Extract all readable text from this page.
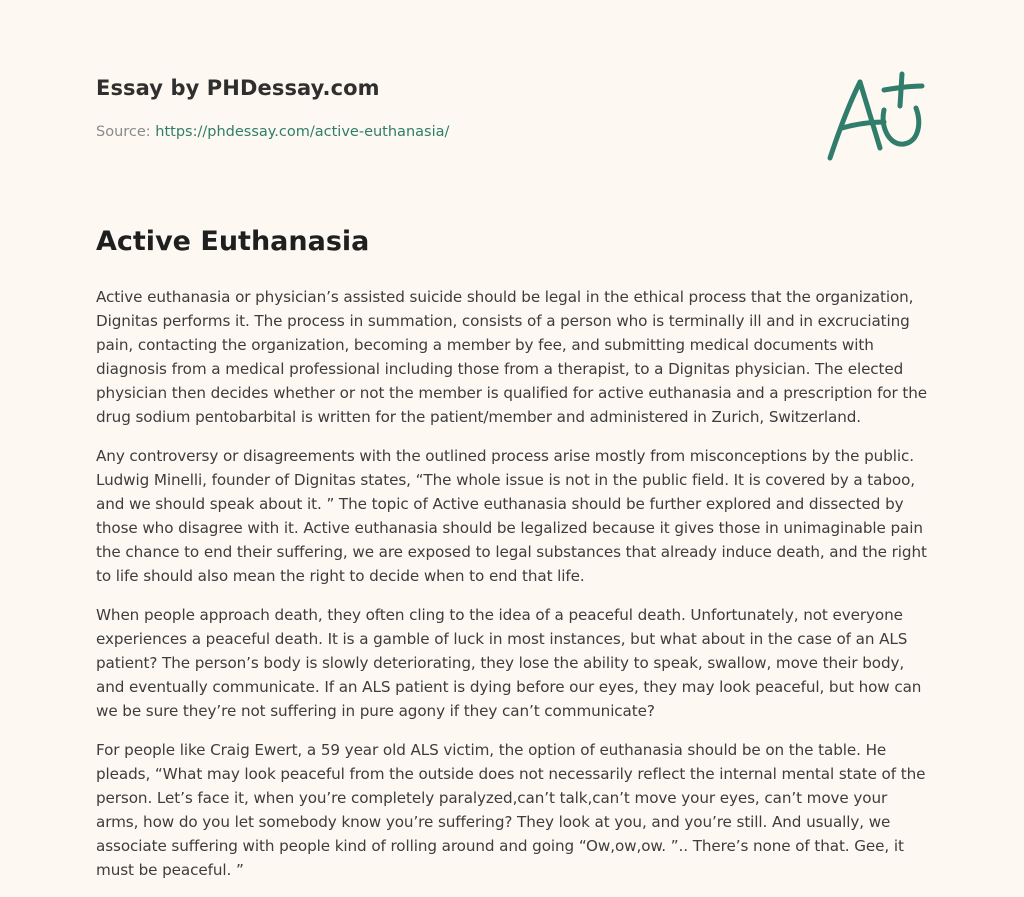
Essay by PHDessay.com
Source: https://phdessay.com/active-euthanasia/
Active Euthanasia

Active euthanasia or physician’s assisted suicide should be legal in the ethical process that the organization, Dignitas performs it. The process in summation, consists of a person who is terminally ill and in excruciating pain, contacting the organization, becoming a member by fee, and submitting medical documents with diagnosis from a medical professional including those from a therapist, to a Dignitas physician. The elected physician then decides whether or not the member is qualified for active euthanasia and a prescription for the drug sodium pentobarbital is written for the patient/member and administered in Zurich, Switzerland.

Any controversy or disagreements with the outlined process arise mostly from misconceptions by the public. Ludwig Minelli, founder of Dignitas states, “The whole issue is not in the public field. It is covered by a taboo, and we should speak about it. ” The topic of Active euthanasia should be further explored and dissected by those who disagree with it. Active euthanasia should be legalized because it gives those in unimaginable pain the chance to end their suffering, we are exposed to legal substances that already induce death, and the right to life should also mean the right to decide when to end that life.

When people approach death, they often cling to the idea of a peaceful death. Unfortunately, not everyone experiences a peaceful death. It is a gamble of luck in most instances, but what about in the case of an ALS patient? The person’s body is slowly deteriorating, they lose the ability to speak, swallow, move their body, and eventually communicate. If an ALS patient is dying before our eyes, they may look peaceful, but how can we be sure they’re not suffering in pure agony if they can’t communicate?

For people like Craig Ewert, a 59 year old ALS victim, the option of euthanasia should be on the table. He pleads, “What may look peaceful from the outside does not necessarily reflect the internal mental state of the person. Let’s face it, when you’re completely paralyzed,can’t talk,can’t move your eyes, can’t move your arms, how do you let somebody know you’re suffering? They look at you, and you’re still. And usually, we associate suffering with people kind of rolling around and going “Ow,ow,ow. ”.. There’s none of that. Gee, it must be peaceful. ”
